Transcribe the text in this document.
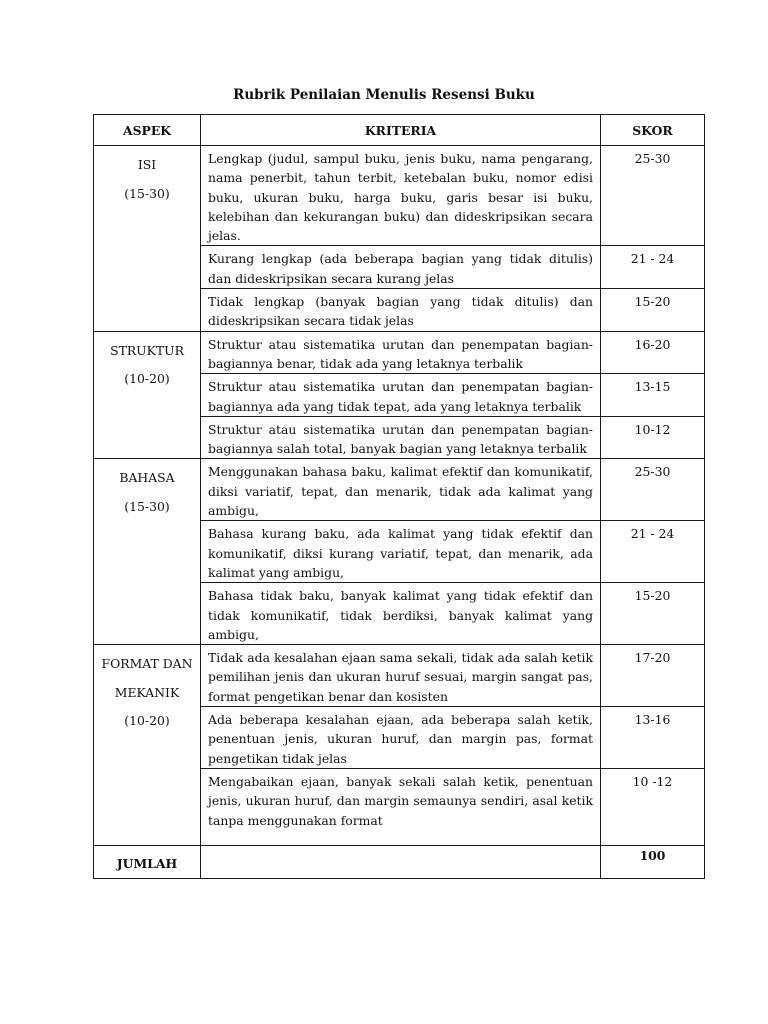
Rubrik Penilaian Menulis Resensi Buku
ASPEK	KRITERIA	SKOR

ISI
(15-30)	Lengkap (judul, sampul buku, jenis buku, nama pengarang, nama penerbit, tahun terbit, ketebalan buku, nomor edisi buku, ukuran buku, harga buku, garis besar isi buku, kelebihan dan kekurangan buku) dan dideskripsikan secara jelas.	25-30
	Kurang lengkap (ada beberapa bagian yang tidak ditulis) dan dideskripsikan secara kurang jelas	21 - 24
	Tidak lengkap (banyak bagian yang tidak ditulis) dan dideskripsikan secara tidak jelas	15-20

STRUKTUR
(10-20)	Struktur atau sistematika urutan dan penempatan bagian-bagiannya benar, tidak ada yang letaknya terbalik	16-20
	Struktur atau sistematika urutan dan penempatan bagian-bagiannya ada yang tidak tepat, ada yang letaknya terbalik	13-15
	Struktur atau sistematika urutan dan penempatan bagian-bagiannya salah total, banyak bagian yang letaknya terbalik	10-12

BAHASA
(15-30)	Menggunakan bahasa baku, kalimat efektif dan komunikatif, diksi variatif, tepat, dan menarik, tidak ada kalimat yang ambigu,	25-30
	Bahasa kurang baku, ada kalimat yang tidak efektif dan komunikatif, diksi kurang variatif, tepat, dan menarik, ada kalimat yang ambigu,	21 - 24
	Bahasa tidak baku, banyak kalimat yang tidak efektif dan tidak komunikatif, tidak berdiksi, banyak kalimat yang ambigu,	15-20

FORMAT DAN
MEKANIK
(10-20)	Tidak ada kesalahan ejaan sama sekali, tidak ada salah ketik pemilihan jenis dan ukuran huruf sesuai, margin sangat pas, format pengetikan benar dan kosisten	17-20
	Ada beberapa kesalahan ejaan, ada beberapa salah ketik, penentuan jenis, ukuran huruf, dan margin pas, format pengetikan tidak jelas	13-16
	Mengabaikan ejaan, banyak sekali salah ketik, penentuan jenis, ukuran huruf, dan margin semaunya sendiri, asal ketik tanpa menggunakan format	10 -12
JUMLAH		100
